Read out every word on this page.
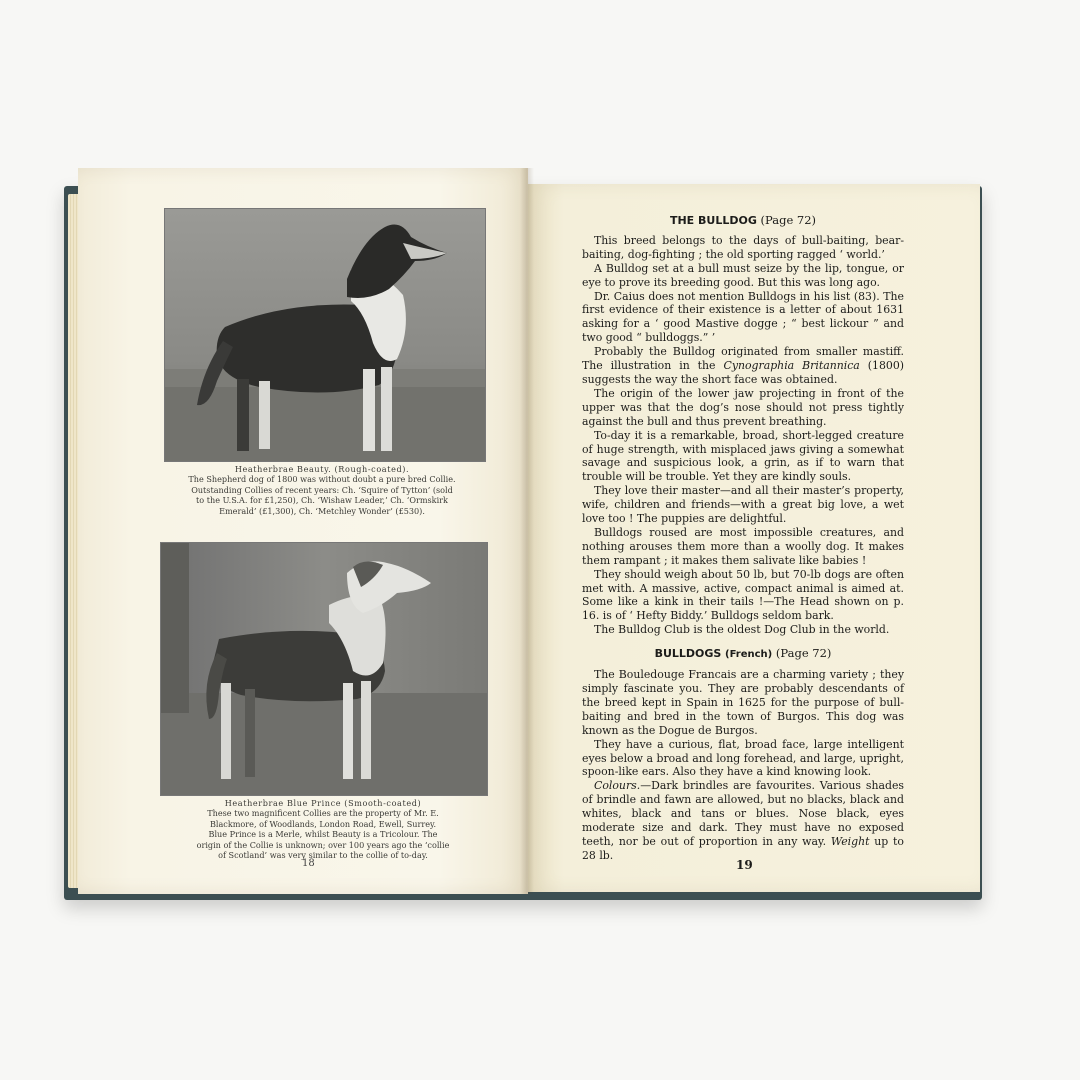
Heatherbrae Beauty. (Rough-coated).

The Shepherd dog of 1800 was without doubt a pure bred Collie.

Outstanding Collies of recent years: Ch. ‘Squire of Tytton’ (sold

to the U.S.A. for £1,250), Ch. ‘Wishaw Leader,’ Ch. ‘Ormskirk

Emerald’ (£1,300), Ch. ‘Metchley Wonder’ (£530).

Heatherbrae Blue Prince (Smooth-coated)

These two magnificent Collies are the property of Mr. E.

Blackmore, of Woodlands, London Road, Ewell, Surrey.

Blue Prince is a Merle, whilst Beauty is a Tricolour. The

origin of the Collie is unknown; over 100 years ago the ‘collie

of Scotland’ was very similar to the collie of to-day.

18
THE BULLDOG (Page 72)

This breed belongs to the days of bull-baiting, bear-baiting, dog-fighting ; the old sporting ragged ‘ world.’

A Bulldog set at a bull must seize by the lip, tongue, or eye to prove its breeding good. But this was long ago.

Dr. Caius does not mention Bulldogs in his list (83). The first evidence of their existence is a letter of about 1631 asking for a ‘ good Mastive dogge ; “ best lickour ” and two good “ bulldoggs.” ’

Probably the Bulldog originated from smaller mastiff. The illustration in the Cynographia Britannica (1800) suggests the way the short face was obtained.

The origin of the lower jaw projecting in front of the upper was that the dog’s nose should not press tightly against the bull and thus prevent breathing.

To-day it is a remarkable, broad, short-legged creature of huge strength, with misplaced jaws giving a somewhat savage and suspicious look, a grin, as if to warn that trouble will be trouble. Yet they are kindly souls.

They love their master—and all their master’s property, wife, children and friends—with a great big love, a wet love too ! The puppies are delightful.

Bulldogs roused are most impossible creatures, and nothing arouses them more than a woolly dog. It makes them rampant ; it makes them salivate like babies !

They should weigh about 50 lb, but 70-lb dogs are often met with. A massive, active, compact animal is aimed at. Some like a kink in their tails !—The Head shown on p. 16. is of ‘ Hefty Biddy.’ Bulldogs seldom bark.

The Bulldog Club is the oldest Dog Club in the world.

BULLDOGS (French) (Page 72)

The Bouledouge Francais are a charming variety ; they simply fascinate you. They are probably descendants of the breed kept in Spain in 1625 for the purpose of bull-baiting and bred in the town of Burgos. This dog was known as the Dogue de Burgos.

They have a curious, flat, broad face, large intelligent eyes below a broad and long forehead, and large, upright, spoon-like ears. Also they have a kind knowing look.

Colours.—Dark brindles are favourites. Various shades of brindle and fawn are allowed, but no blacks, black and whites, black and tans or blues. Nose black, eyes moderate size and dark. They must have no exposed teeth, nor be out of proportion in any way. Weight up to 28 lb.

19
